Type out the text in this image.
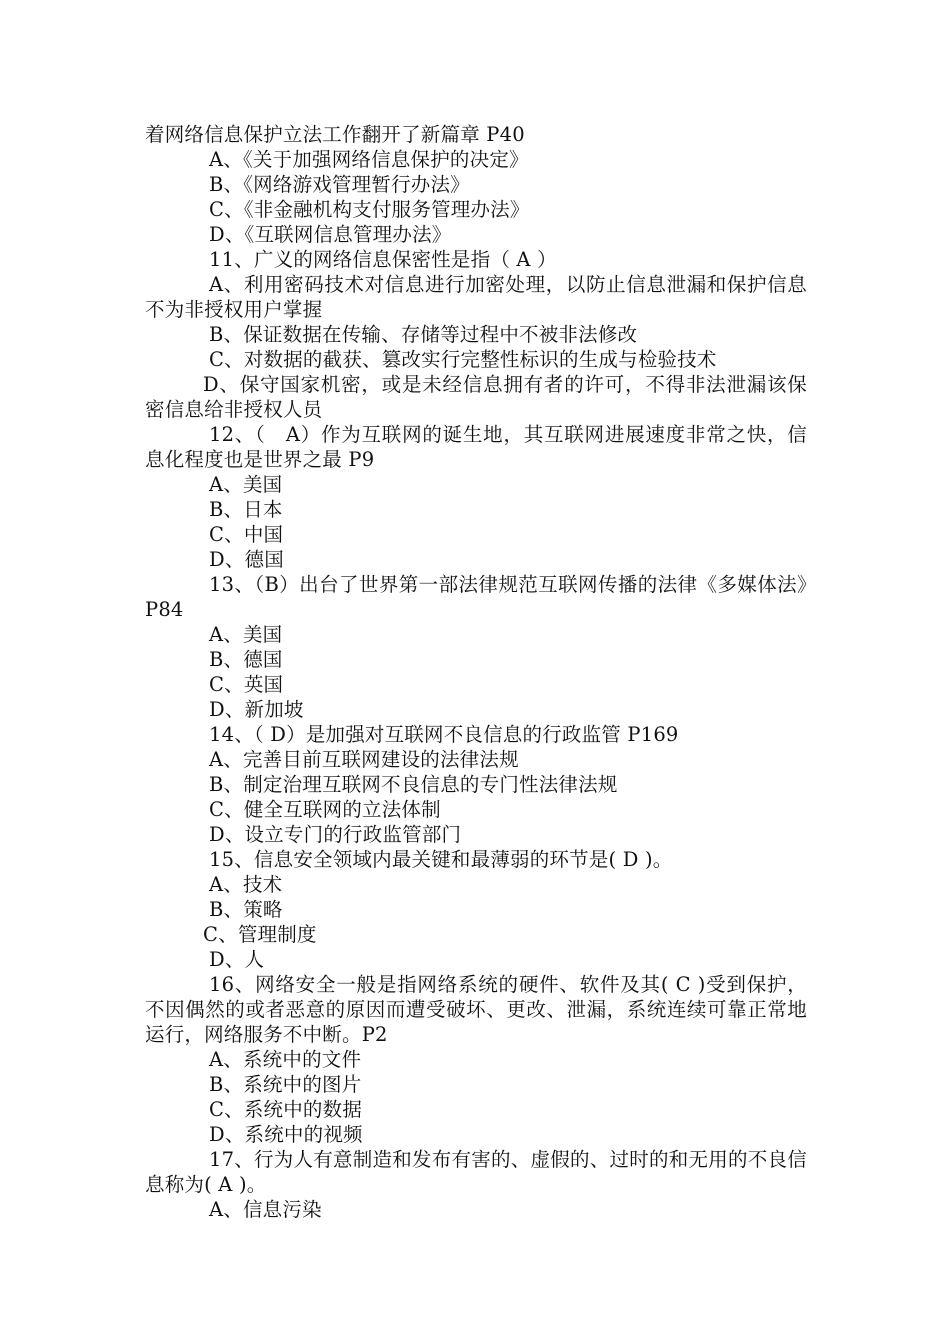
着网络信息保护立法工作翻开了新篇章 P40
A、《关于加强网络信息保护的决定》
B、《网络游戏管理暂行办法》
C、《非金融机构支付服务管理办法》
D、《互联网信息管理办法》
11、广义的网络信息保密性是指（ A ）
A、利用密码技术对信息进行加密处理，以防止信息泄漏和保护信息不为非授权用户掌握
B、保证数据在传输、存储等过程中不被非法修改
C、对数据的截获、篡改实行完整性标识的生成与检验技术
D、保守国家机密，或是未经信息拥有者的许可，不得非法泄漏该保密信息给非授权人员
12、（　A）作为互联网的诞生地，其互联网进展速度非常之快，信息化程度也是世界之最 P9
A、美国
B、日本
C、中国
D、德国
13、（B）出台了世界第一部法律规范互联网传播的法律《多媒体法》P84
A、美国
B、德国
C、英国
D、新加坡
14、（ D）是加强对互联网不良信息的行政监管 P169
A、完善目前互联网建设的法律法规
B、制定治理互联网不良信息的专门性法律法规
C、健全互联网的立法体制
D、设立专门的行政监管部门
15、信息安全领域内最关键和最薄弱的环节是( D )。
A、技术
B、策略
C、管理制度
D、人
16、网络安全一般是指网络系统的硬件、软件及其( C )受到保护，不因偶然的或者恶意的原因而遭受破坏、更改、泄漏，系统连续可靠正常地运行，网络服务不中断。P2
A、系统中的文件
B、系统中的图片
C、系统中的数据
D、系统中的视频
17、行为人有意制造和发布有害的、虚假的、过时的和无用的不良信息称为( A )。
A、信息污染
